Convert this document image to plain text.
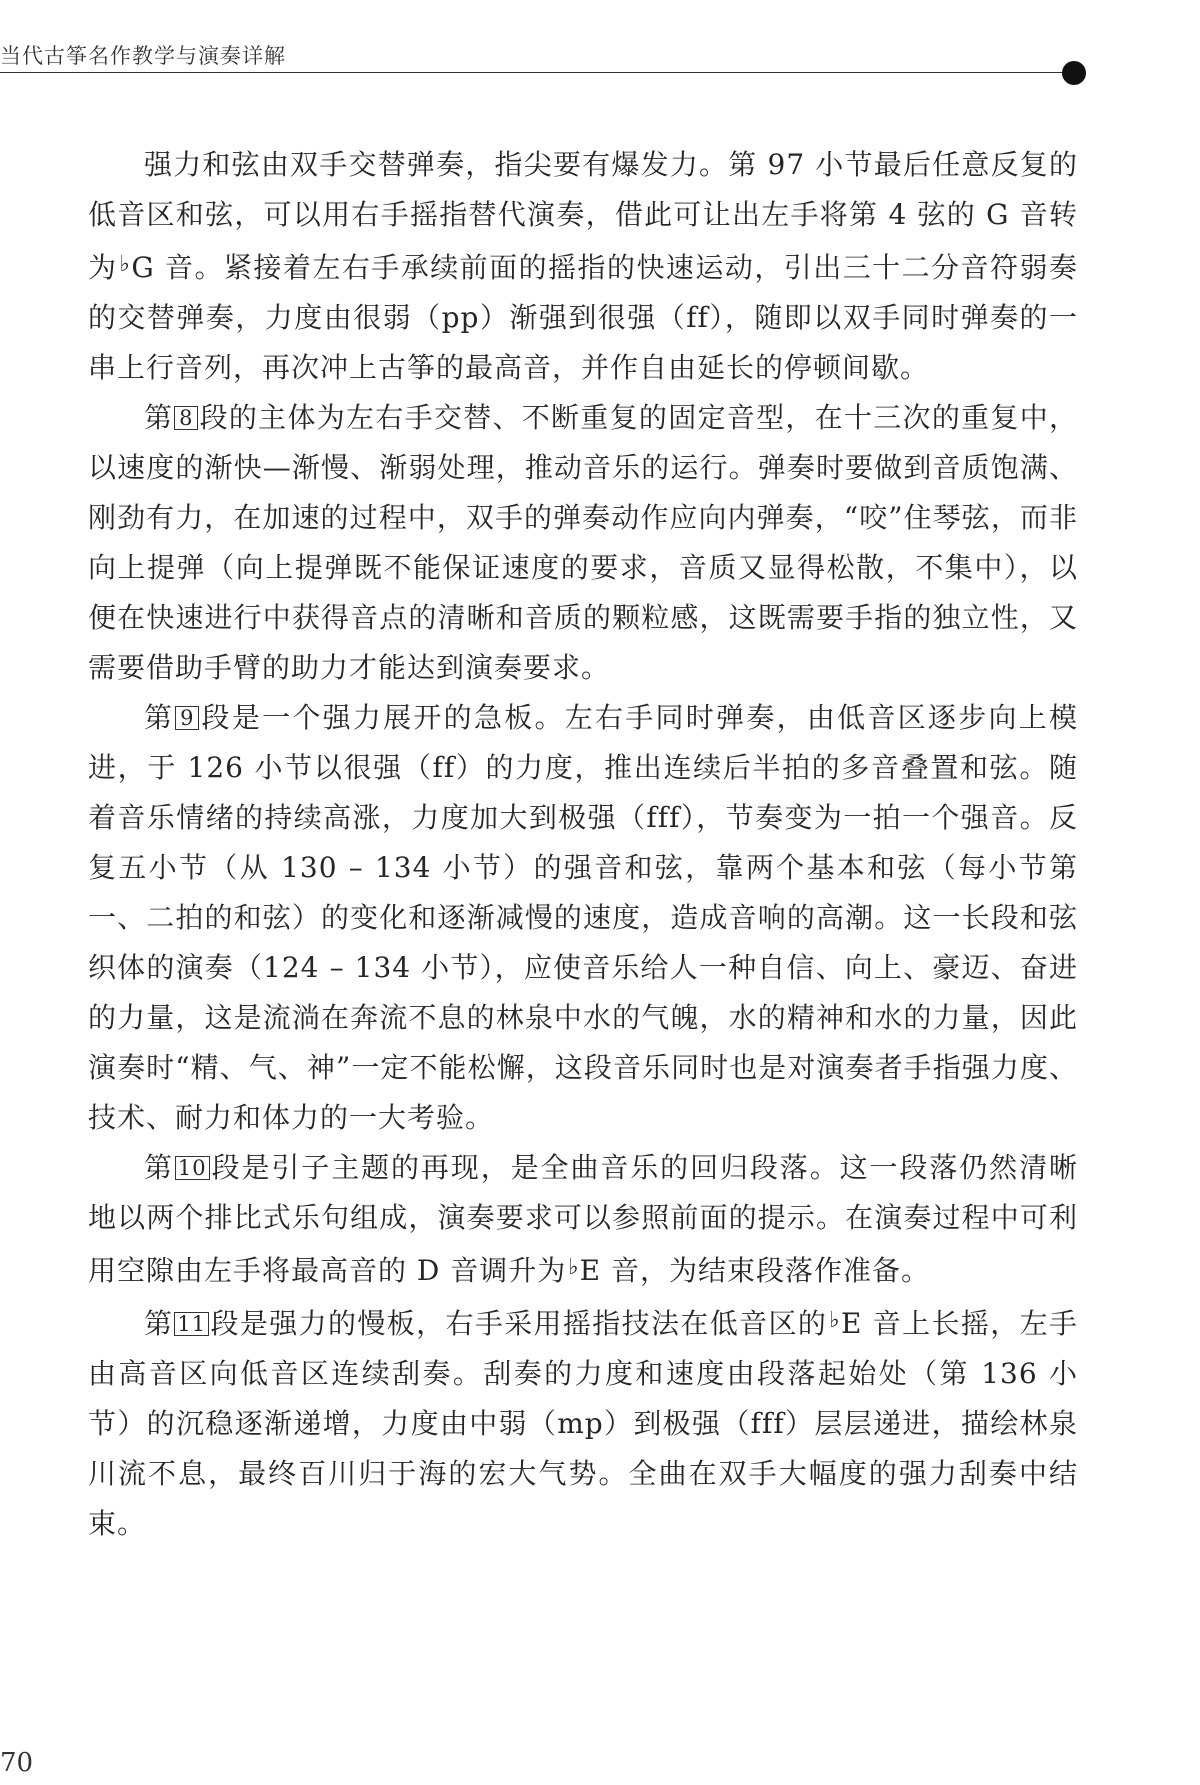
当代古筝名作教学与演奏详解

强力和弦由双手交替弹奏，指尖要有爆发力。第 97 小节最后任意反复的低音区和弦，可以用右手摇指替代演奏，借此可让出左手将第 4 弦的 G 音转为♭G 音。紧接着左右手承续前面的摇指的快速运动，引出三十二分音符弱奏的交替弹奏，力度由很弱（pp）渐强到很强（ff），随即以双手同时弹奏的一串上行音列，再次冲上古筝的最高音，并作自由延长的停顿间歇。

第 8 段的主体为左右手交替、不断重复的固定音型，在十三次的重复中，以速度的渐快—渐慢、渐弱处理，推动音乐的运行。弹奏时要做到音质饱满、刚劲有力，在加速的过程中，双手的弹奏动作应向内弹奏，“咬”住琴弦，而非向上提弹（向上提弹既不能保证速度的要求，音质又显得松散，不集中），以便在快速进行中获得音点的清晰和音质的颗粒感，这既需要手指的独立性，又需要借助手臂的助力才能达到演奏要求。

第 9 段是一个强力展开的急板。左右手同时弹奏，由低音区逐步向上模进，于 126 小节以很强（ff）的力度，推出连续后半拍的多音叠置和弦。随着音乐情绪的持续高涨，力度加大到极强（fff），节奏变为一拍一个强音。反复五小节（从 130 – 134 小节）的强音和弦，靠两个基本和弦（每小节第一、二拍的和弦）的变化和逐渐减慢的速度，造成音响的高潮。这一长段和弦织体的演奏（124 – 134 小节），应使音乐给人一种自信、向上、豪迈、奋进的力量，这是流淌在奔流不息的林泉中水的气魄，水的精神和水的力量，因此演奏时“精、气、神”一定不能松懈，这段音乐同时也是对演奏者手指强力度、技术、耐力和体力的一大考验。

第 10 段是引子主题的再现，是全曲音乐的回归段落。这一段落仍然清晰地以两个排比式乐句组成，演奏要求可以参照前面的提示。在演奏过程中可利用空隙由左手将最高音的 D 音调升为♭E 音，为结束段落作准备。

第 11 段是强力的慢板，右手采用摇指技法在低音区的♭E 音上长摇，左手由高音区向低音区连续刮奏。刮奏的力度和速度由段落起始处（第 136 小节）的沉稳逐渐递增，力度由中弱（mp）到极强（fff）层层递进，描绘林泉川流不息，最终百川归于海的宏大气势。全曲在双手大幅度的强力刮奏中结束。

70
